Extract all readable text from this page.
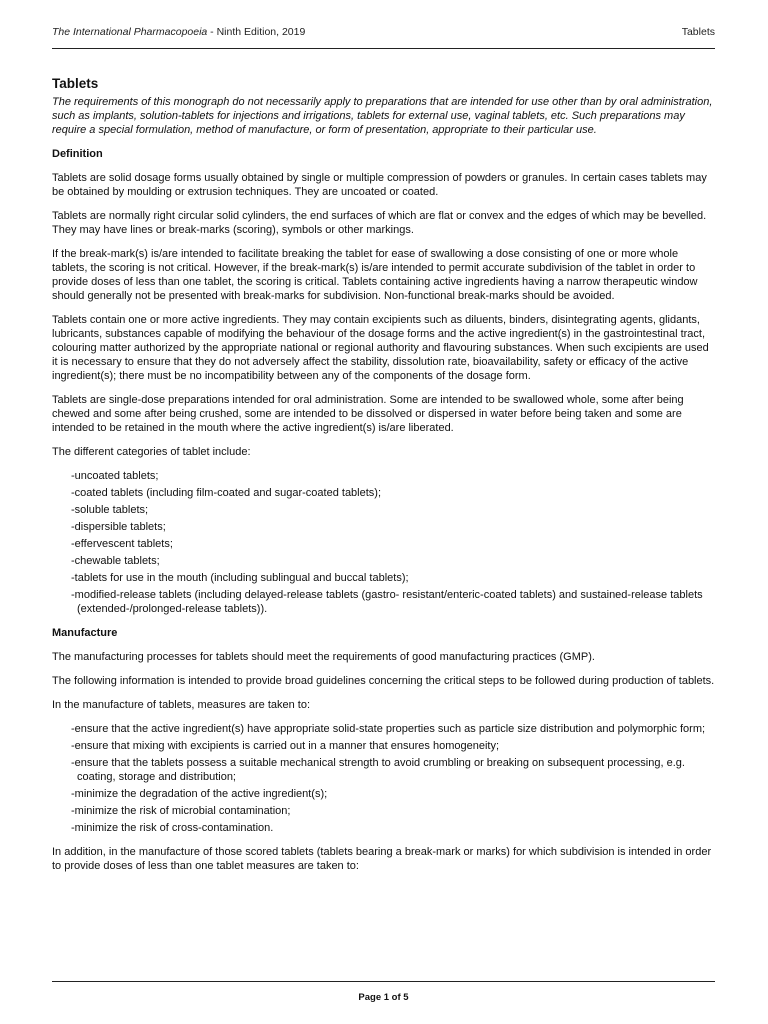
The International Pharmacopoeia - Ninth Edition, 2019	Tablets
Tablets

The requirements of this monograph do not necessarily apply to preparations that are intended for use other than by oral administration, such as implants, solution-tablets for injections and irrigations, tablets for external use, vaginal tablets, etc. Such preparations may require a special formulation, method of manufacture, or form of presentation, appropriate to their particular use.

Definition

Tablets are solid dosage forms usually obtained by single or multiple compression of powders or granules. In certain cases tablets may be obtained by moulding or extrusion techniques. They are uncoated or coated.

Tablets are normally right circular solid cylinders, the end surfaces of which are flat or convex and the edges of which may be bevelled. They may have lines or break-marks (scoring), symbols or other markings.

If the break-mark(s) is/are intended to facilitate breaking the tablet for ease of swallowing a dose consisting of one or more whole tablets, the scoring is not critical. However, if the break-mark(s) is/are intended to permit accurate subdivision of the tablet in order to provide doses of less than one tablet, the scoring is critical. Tablets containing active ingredients having a narrow therapeutic window should generally not be presented with break-marks for subdivision. Non-functional break-marks should be avoided.

Tablets contain one or more active ingredients. They may contain excipients such as diluents, binders, disintegrating agents, glidants, lubricants, substances capable of modifying the behaviour of the dosage forms and the active ingredient(s) in the gastrointestinal tract, colouring matter authorized by the appropriate national or regional authority and flavouring substances. When such excipients are used it is necessary to ensure that they do not adversely affect the stability, dissolution rate, bioavailability, safety or efficacy of the active ingredient(s); there must be no incompatibility between any of the components of the dosage form.

Tablets are single-dose preparations intended for oral administration. Some are intended to be swallowed whole, some after being chewed and some after being crushed, some are intended to be dissolved or dispersed in water before being taken and some are intended to be retained in the mouth where the active ingredient(s) is/are liberated.

The different categories of tablet include:

- uncoated tablets;
- coated tablets (including film-coated and sugar-coated tablets);
- soluble tablets;
- dispersible tablets;
- effervescent tablets;
- chewable tablets;
- tablets for use in the mouth (including sublingual and buccal tablets);
- modified-release tablets (including delayed-release tablets (gastro- resistant/enteric-coated tablets) and sustained-release tablets (extended-/prolonged-release tablets)).
Manufacture

The manufacturing processes for tablets should meet the requirements of good manufacturing practices (GMP).

The following information is intended to provide broad guidelines concerning the critical steps to be followed during production of tablets.

In the manufacture of tablets, measures are taken to:

- ensure that the active ingredient(s) have appropriate solid-state properties such as particle size distribution and polymorphic form;
- ensure that mixing with excipients is carried out in a manner that ensures homogeneity;
- ensure that the tablets possess a suitable mechanical strength to avoid crumbling or breaking on subsequent processing, e.g. coating, storage and distribution;
- minimize the degradation of the active ingredient(s);
- minimize the risk of microbial contamination;
- minimize the risk of cross-contamination.

In addition, in the manufacture of those scored tablets (tablets bearing a break-mark or marks) for which subdivision is intended in order to provide doses of less than one tablet measures are taken to:

Page 1 of 5
